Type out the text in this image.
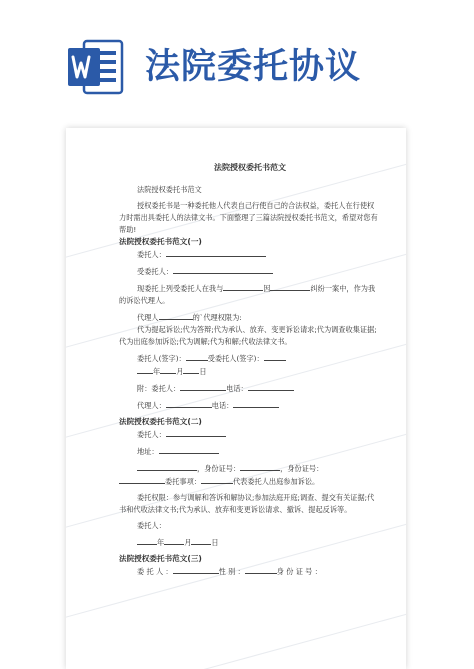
法院委托协议

法院授权委托书范文

法院授权委托书范文

授权委托书是一种委托他人代表自己行使自己的合法权益，委托人在行使权力时需出具委托人的法律文书。下面整理了三篇法院授权委托书范文，希望对您有帮助!

法院授权委托书范文(一)

委托人：

受委托人：

现委托上列受委托人在我与	因	纠纷一案中，作为我的诉讼代理人。

代理人	的`代理权限为:

代为提起诉讼;代为答辩;代为承认、放弃、变更诉讼请求;代为调查收集证据;代为出庭参加诉讼;代为调解;代为和解;代收法律文书。

委托人(签字)：	受委托人(签字)：

年 月 日

附：委托人：	电话：

代理人：	电话：

法院授权委托书范文(二)

委托人：

地址：

，身份证号：	，身份证号：

委托事项：	代表委托人出庭参加诉讼。

委托权限：参与调解和答诉和解协议;参加法庭开庭;调查、提交有关证据;代书和代收法律文书;代为承认、放弃和变更诉讼请求、撤诉、提起反诉等。

委托人：

年	月	日

法院授权委托书范文(三)

委 托 人 ：	性 别 ：	身 份 证 号 ：
